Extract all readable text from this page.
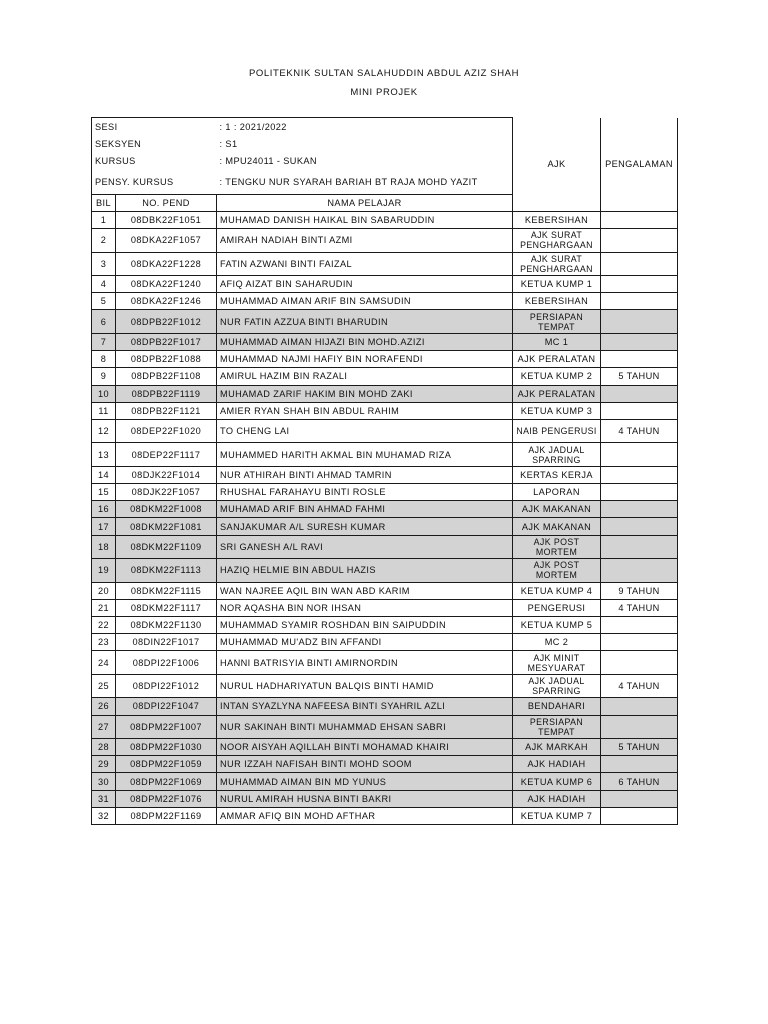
POLITEKNIK SULTAN SALAHUDDIN ABDUL AZIZ SHAH
MINI PROJEK
SESI		: 1 : 2021/2022	AJK	PENGALAMAN
SEKSYEN		: S1		
KURSUS		: MPU24011 - SUKAN		
PENSY. KURSUS		: TENGKU NUR SYARAH BARIAH BT RAJA MOHD YAZIT		
BIL	NO. PEND	NAMA PELAJAR		
1	08DBK22F1051	MUHAMAD DANISH HAIKAL BIN SABARUDDIN	KEBERSIHAN	
2	08DKA22F1057	AMIRAH NADIAH BINTI AZMI	AJK SURAT PENGHARGAAN	
3	08DKA22F1228	FATIN AZWANI BINTI FAIZAL	AJK SURAT PENGHARGAAN	
4	08DKA22F1240	AFIQ AIZAT BIN SAHARUDIN	KETUA KUMP 1	
5	08DKA22F1246	MUHAMMAD AIMAN ARIF BIN SAMSUDIN	KEBERSIHAN	
6	08DPB22F1012	NUR FATIN AZZUA BINTI BHARUDIN	PERSIAPAN TEMPAT	
7	08DPB22F1017	MUHAMMAD AIMAN HIJAZI BIN MOHD.AZIZI	MC 1	
8	08DPB22F1088	MUHAMMAD NAJMI HAFIY BIN NORAFENDI	AJK PERALATAN	
9	08DPB22F1108	AMIRUL HAZIM BIN RAZALI	KETUA KUMP 2	5 TAHUN
10	08DPB22F1119	MUHAMAD ZARIF HAKIM BIN MOHD ZAKI	AJK PERALATAN	
11	08DPB22F1121	AMIER RYAN SHAH BIN ABDUL RAHIM	KETUA KUMP 3	
12	08DEP22F1020	TO CHENG LAI	NAIB PENGERUSI	4 TAHUN
13	08DEP22F1117	MUHAMMED HARITH AKMAL BIN MUHAMAD RIZA	AJK JADUAL SPARRING	
14	08DJK22F1014	NUR ATHIRAH BINTI AHMAD TAMRIN	KERTAS KERJA	
15	08DJK22F1057	RHUSHAL FARAHAYU BINTI ROSLE	LAPORAN	
16	08DKM22F1008	MUHAMAD ARIF BIN AHMAD FAHMI	AJK MAKANAN	
17	08DKM22F1081	SANJAKUMAR A/L SURESH KUMAR	AJK MAKANAN	
18	08DKM22F1109	SRI GANESH A/L RAVI	AJK POST MORTEM	
19	08DKM22F1113	HAZIQ HELMIE BIN ABDUL HAZIS	AJK POST MORTEM	
20	08DKM22F1115	WAN NAJREE AQIL BIN WAN ABD KARIM	KETUA KUMP 4	9 TAHUN
21	08DKM22F1117	NOR AQASHA BIN NOR IHSAN	PENGERUSI	4 TAHUN
22	08DKM22F1130	MUHAMMAD SYAMIR ROSHDAN BIN SAIPUDDIN	KETUA KUMP 5	
23	08DIN22F1017	MUHAMMAD MU'ADZ BIN AFFANDI	MC 2	
24	08DPI22F1006	HANNI BATRISYIA BINTI AMIRNORDIN	AJK MINIT MESYUARAT	
25	08DPI22F1012	NURUL HADHARIYATUN BALQIS BINTI HAMID	AJK JADUAL SPARRING	4 TAHUN
26	08DPI22F1047	INTAN SYAZLYNA NAFEESA BINTI SYAHRIL AZLI	BENDAHARI	
27	08DPM22F1007	NUR SAKINAH BINTI MUHAMMAD EHSAN SABRI	PERSIAPAN TEMPAT	
28	08DPM22F1030	NOOR AISYAH AQILLAH BINTI MOHAMAD KHAIRI	AJK MARKAH	5 TAHUN
29	08DPM22F1059	NUR IZZAH NAFISAH BINTI MOHD SOOM	AJK HADIAH	
30	08DPM22F1069	MUHAMMAD AIMAN BIN MD YUNUS	KETUA KUMP 6	6 TAHUN
31	08DPM22F1076	NURUL AMIRAH HUSNA BINTI BAKRI	AJK HADIAH	
32	08DPM22F1169	AMMAR AFIQ BIN MOHD AFTHAR	KETUA KUMP 7	
